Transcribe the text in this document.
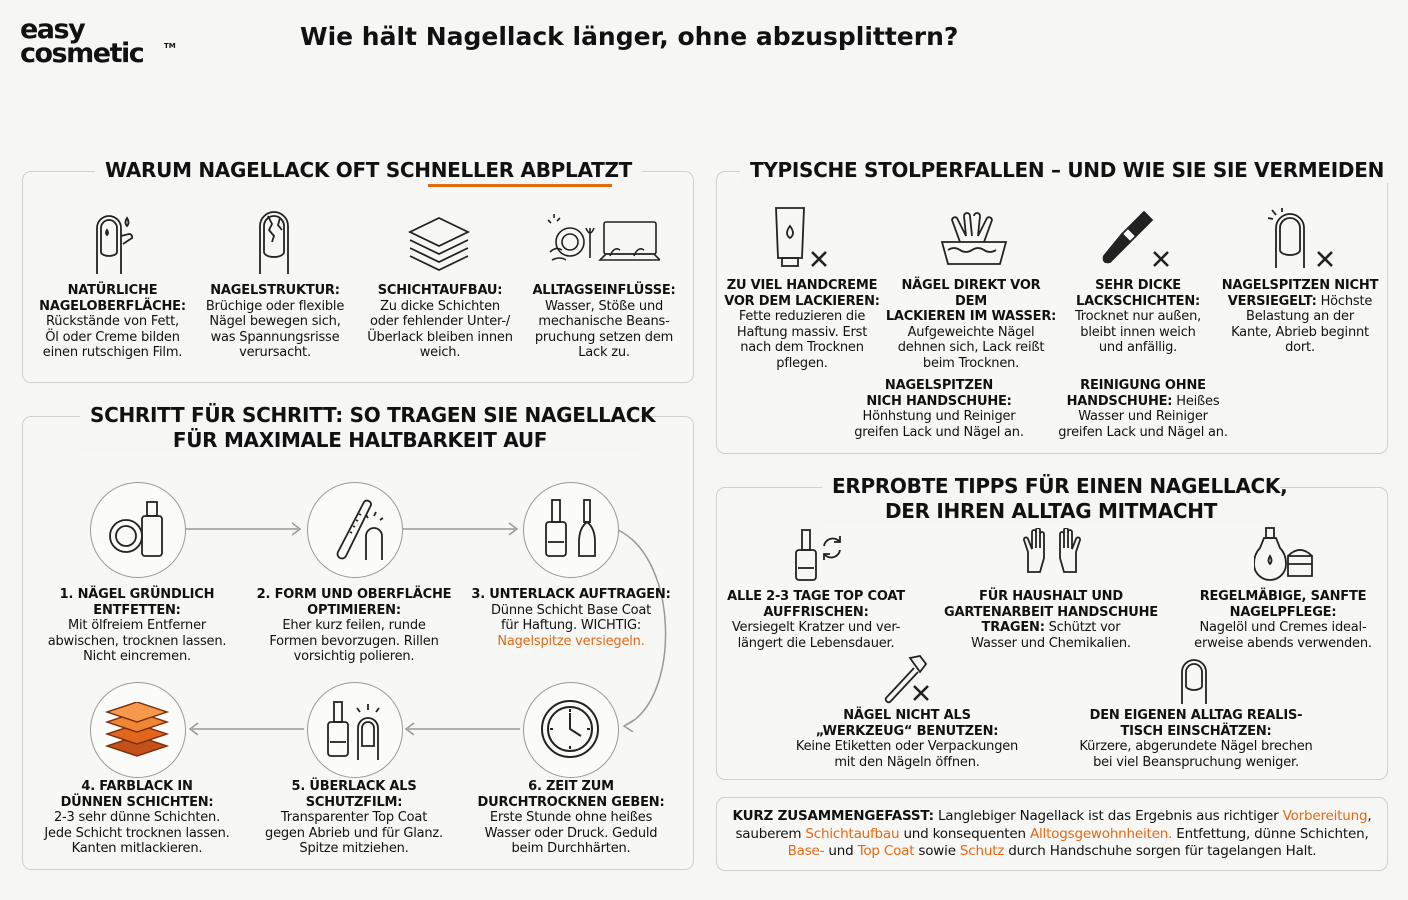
easy
cosmetic	TM	Wie hält Nagellack länger, ohne abzusplittern?
WARUM NAGELLACK OFT SCHNELLER ABPLATZT
NATÜRLICHE
NAGELOBERFLÄCHE:
Rückstände von Fett,
Öl oder Creme bilden
einen rutschigen Film.
NAGELSTRUKTUR:
Brüchige oder flexible
Nägel bewegen sich,
was Spannungsrisse
verursacht.
SCHICHTAUFBAU:
Zu dicke Schichten
oder fehlender Unter-/
Überlack bleiben innen
weich.
ALLTAGSEINFLÜSSE:
Wasser, Stöße und
mechanische Beans-
pruchung setzen dem
Lack zu.
SCHRITT FÜR SCHRITT: SO TRAGEN SIE NAGELLACK
FÜR MAXIMALE HALTBARKEIT AUF
1. NÄGEL GRÜNDLICH
ENTFETTEN:
Mit ölfreiem Entferner
abwischen, trocknen lassen.
Nicht eincremen.
2. FORM UND OBERFLÄCHE
OPTIMIEREN:
Eher kurz feilen, runde
Formen bevorzugen. Rillen
vorsichtig polieren.
3. UNTERLACK AUFTRAGEN:
Dünne Schicht Base Coat
für Haftung. WICHTIG:
Nagelspitze versiegeln.
4. FARBLACK IN
DÜNNEN SCHICHTEN:
2-3 sehr dünne Schichten.
Jede Schicht trocknen lassen.
Kanten mitlackieren.
5. ÜBERLACK ALS
SCHUTZFILM:
Transparenter Top Coat
gegen Abrieb und für Glanz.
Spitze mitziehen.
6. ZEIT ZUM
DURCHTROCKNEN GEBEN:
Erste Stunde ohne heißes
Wasser oder Druck. Geduld
beim Durchhärten.
TYPISCHE STOLPERFALLEN – UND WIE SIE SIE VERMEIDEN
ZU VIEL HANDCREME
VOR DEM LACKIEREN:
Fette reduzieren die
Haftung massiv. Erst
nach dem Trocknen
pflegen.
NÄGEL DIREKT VOR DEM
LACKIEREN IM WASSER:
Aufgeweichte Nägel
dehnen sich, Lack reißt
beim Trocknen.
SEHR DICKE
LACKSCHICHTEN:
Trocknet nur außen,
bleibt innen weich
und anfällig.
NAGELSPITZEN NICHT
VERSIEGELT: Höchste
Belastung an der
Kante, Abrieb beginnt
dort.
NAGELSPITZEN
NICH HANDSCHUHE:
Hönhstung und Reiniger
greifen Lack und Nägel an.
REINIGUNG OHNE
HANDSCHUHE: Heißes
Wasser und Reiniger
greifen Lack und Nägel an.
ERPROBTE TIPPS FÜR EINEN NAGELLACK,
DER IHREN ALLTAG MITMACHT
ALLE 2-3 TAGE TOP COAT
AUFFRISCHEN:
Versiegelt Kratzer und ver-
längert die Lebensdauer.
FÜR HAUSHALT UND
GARTENARBEIT HANDSCHUHE
TRAGEN: Schützt vor
Wasser und Chemikalien.
REGELMÄBIGE, SANFTE
NAGELPFLEGE:
Nagelöl und Cremes ideal-
erweise abends verwenden.
NÄGEL NICHT ALS
„WERKZEUG“ BENUTZEN:
Keine Etiketten oder Verpackungen
mit den Nägeln öffnen.
DEN EIGENEN ALLTAG REALIS-
TISCH EINSCHÄTZEN:
Kürzere, abgerundete Nägel brechen
bei viel Beanspruchung weniger.
KURZ ZUSAMMENGEFASST: Langlebiger Nagellack ist das Ergebnis aus richtiger Vorbereitung,
sauberem Schichtaufbau und konsequenten Alltogsgewohnheiten. Entfettung, dünne Schichten,
Base- und Top Coat sowie Schutz durch Handschuhe sorgen für tagelangen Halt.
